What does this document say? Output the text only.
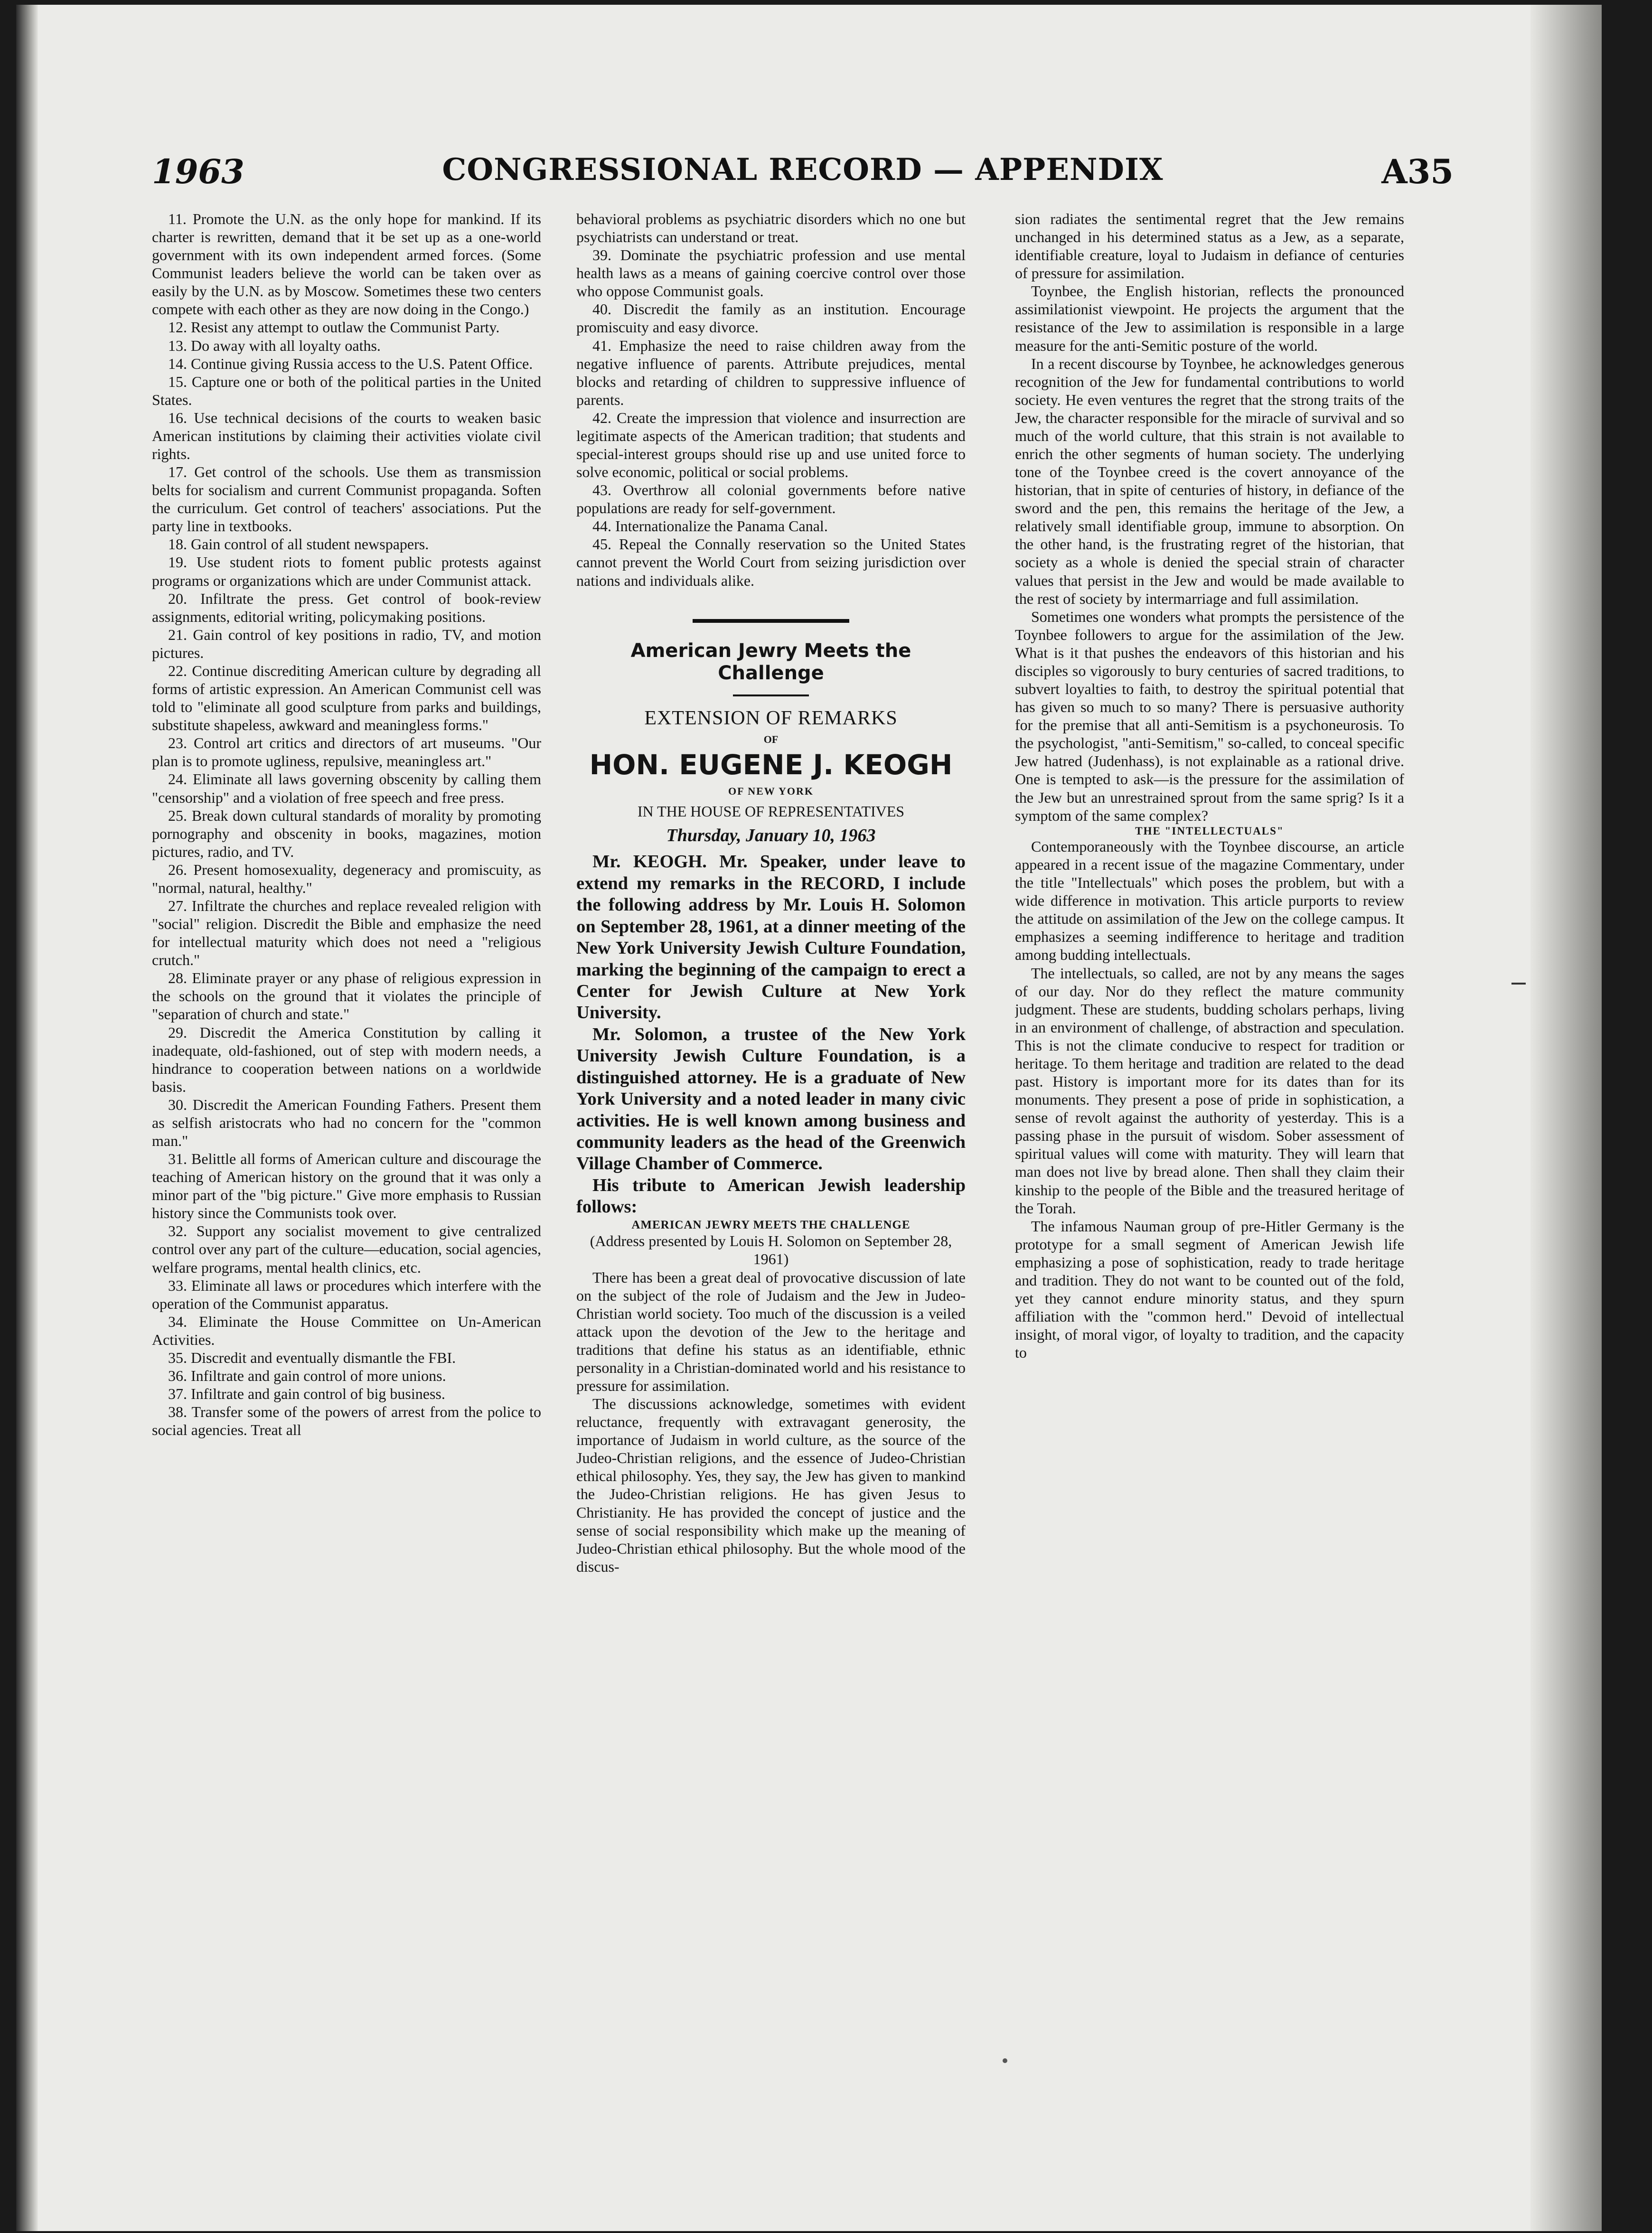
1963	CONGRESSIONAL RECORD — APPENDIX	A35

11. Promote the U.N. as the only hope for mankind. If its charter is rewritten, demand that it be set up as a one-world government with its own independent armed forces. (Some Communist leaders believe the world can be taken over as easily by the U.N. as by Moscow. Sometimes these two centers compete with each other as they are now doing in the Congo.)

12. Resist any attempt to outlaw the Communist Party.

13. Do away with all loyalty oaths.

14. Continue giving Russia access to the U.S. Patent Office.

15. Capture one or both of the political parties in the United States.

16. Use technical decisions of the courts to weaken basic American institutions by claiming their activities violate civil rights.

17. Get control of the schools. Use them as transmission belts for socialism and current Communist propaganda. Soften the curriculum. Get control of teachers' associations. Put the party line in textbooks.

18. Gain control of all student newspapers.

19. Use student riots to foment public protests against programs or organizations which are under Communist attack.

20. Infiltrate the press. Get control of book-review assignments, editorial writing, policymaking positions.

21. Gain control of key positions in radio, TV, and motion pictures.

22. Continue discrediting American culture by degrading all forms of artistic expression. An American Communist cell was told to "eliminate all good sculpture from parks and buildings, substitute shapeless, awkward and meaningless forms."

23. Control art critics and directors of art museums. "Our plan is to promote ugliness, repulsive, meaningless art."

24. Eliminate all laws governing obscenity by calling them "censorship" and a violation of free speech and free press.

25. Break down cultural standards of morality by promoting pornography and obscenity in books, magazines, motion pictures, radio, and TV.

26. Present homosexuality, degeneracy and promiscuity, as "normal, natural, healthy."

27. Infiltrate the churches and replace revealed religion with "social" religion. Discredit the Bible and emphasize the need for intellectual maturity which does not need a "religious crutch."

28. Eliminate prayer or any phase of religious expression in the schools on the ground that it violates the principle of "separation of church and state."

29. Discredit the America Constitution by calling it inadequate, old-fashioned, out of step with modern needs, a hindrance to cooperation between nations on a worldwide basis.

30. Discredit the American Founding Fathers. Present them as selfish aristocrats who had no concern for the "common man."

31. Belittle all forms of American culture and discourage the teaching of American history on the ground that it was only a minor part of the "big picture." Give more emphasis to Russian history since the Communists took over.

32. Support any socialist movement to give centralized control over any part of the culture—education, social agencies, welfare programs, mental health clinics, etc.

33. Eliminate all laws or procedures which interfere with the operation of the Communist apparatus.

34. Eliminate the House Committee on Un-American Activities.

35. Discredit and eventually dismantle the FBI.

36. Infiltrate and gain control of more unions.

37. Infiltrate and gain control of big business.

38. Transfer some of the powers of arrest from the police to social agencies. Treat all

behavioral problems as psychiatric disorders which no one but psychiatrists can understand or treat.

39. Dominate the psychiatric profession and use mental health laws as a means of gaining coercive control over those who oppose Communist goals.

40. Discredit the family as an institution. Encourage promiscuity and easy divorce.

41. Emphasize the need to raise children away from the negative influence of parents. Attribute prejudices, mental blocks and retarding of children to suppressive influence of parents.

42. Create the impression that violence and insurrection are legitimate aspects of the American tradition; that students and special-interest groups should rise up and use united force to solve economic, political or social problems.

43. Overthrow all colonial governments before native populations are ready for self-government.

44. Internationalize the Panama Canal.

45. Repeal the Connally reservation so the United States cannot prevent the World Court from seizing jurisdiction over nations and individuals alike.

American Jewry Meets the Challenge
EXTENSION OF REMARKS
OF
HON. EUGENE J. KEOGH
OF NEW YORK
IN THE HOUSE OF REPRESENTATIVES
Thursday, January 10, 1963

Mr. KEOGH. Mr. Speaker, under leave to extend my remarks in the RECORD, I include the following address by Mr. Louis H. Solomon on September 28, 1961, at a dinner meeting of the New York University Jewish Culture Foundation, marking the beginning of the campaign to erect a Center for Jewish Culture at New York University.

Mr. Solomon, a trustee of the New York University Jewish Culture Foundation, is a distinguished attorney. He is a graduate of New York University and a noted leader in many civic activities. He is well known among business and community leaders as the head of the Greenwich Village Chamber of Commerce.

His tribute to American Jewish leadership follows:

AMERICAN JEWRY MEETS THE CHALLENGE

(Address presented by Louis H. Solomon on September 28, 1961)

There has been a great deal of provocative discussion of late on the subject of the role of Judaism and the Jew in Judeo-Christian world society. Too much of the discussion is a veiled attack upon the devotion of the Jew to the heritage and traditions that define his status as an identifiable, ethnic personality in a Christian-dominated world and his resistance to pressure for assimilation.

The discussions acknowledge, sometimes with evident reluctance, frequently with extravagant generosity, the importance of Judaism in world culture, as the source of the Judeo-Christian religions, and the essence of Judeo-Christian ethical philosophy. Yes, they say, the Jew has given to mankind the Judeo-Christian religions. He has given Jesus to Christianity. He has provided the concept of justice and the sense of social responsibility which make up the meaning of Judeo-Christian ethical philosophy. But the whole mood of the discus-

sion radiates the sentimental regret that the Jew remains unchanged in his determined status as a Jew, as a separate, identifiable creature, loyal to Judaism in defiance of centuries of pressure for assimilation.

Toynbee, the English historian, reflects the pronounced assimilationist viewpoint. He projects the argument that the resistance of the Jew to assimilation is responsible in a large measure for the anti-Semitic posture of the world.

In a recent discourse by Toynbee, he acknowledges generous recognition of the Jew for fundamental contributions to world society. He even ventures the regret that the strong traits of the Jew, the character responsible for the miracle of survival and so much of the world culture, that this strain is not available to enrich the other segments of human society. The underlying tone of the Toynbee creed is the covert annoyance of the historian, that in spite of centuries of history, in defiance of the sword and the pen, this remains the heritage of the Jew, a relatively small identifiable group, immune to absorption. On the other hand, is the frustrating regret of the historian, that society as a whole is denied the special strain of character values that persist in the Jew and would be made available to the rest of society by intermarriage and full assimilation.

Sometimes one wonders what prompts the persistence of the Toynbee followers to argue for the assimilation of the Jew. What is it that pushes the endeavors of this historian and his disciples so vigorously to bury centuries of sacred traditions, to subvert loyalties to faith, to destroy the spiritual potential that has given so much to so many? There is persuasive authority for the premise that all anti-Semitism is a psychoneurosis. To the psychologist, "anti-Semitism," so-called, to conceal specific Jew hatred (Judenhass), is not explainable as a rational drive. One is tempted to ask—is the pressure for the assimilation of the Jew but an unrestrained sprout from the same sprig? Is it a symptom of the same complex?

THE "INTELLECTUALS"

Contemporaneously with the Toynbee discourse, an article appeared in a recent issue of the magazine Commentary, under the title "Intellectuals" which poses the problem, but with a wide difference in motivation. This article purports to review the attitude on assimilation of the Jew on the college campus. It emphasizes a seeming indifference to heritage and tradition among budding intellectuals.

The intellectuals, so called, are not by any means the sages of our day. Nor do they reflect the mature community judgment. These are students, budding scholars perhaps, living in an environment of challenge, of abstraction and speculation. This is not the climate conducive to respect for tradition or heritage. To them heritage and tradition are related to the dead past. History is important more for its dates than for its monuments. They present a pose of pride in sophistication, a sense of revolt against the authority of yesterday. This is a passing phase in the pursuit of wisdom. Sober assessment of spiritual values will come with maturity. They will learn that man does not live by bread alone. Then shall they claim their kinship to the people of the Bible and the treasured heritage of the Torah.

The infamous Nauman group of pre-Hitler Germany is the prototype for a small segment of American Jewish life emphasizing a pose of sophistication, ready to trade heritage and tradition. They do not want to be counted out of the fold, yet they cannot endure minority status, and they spurn affiliation with the "common herd." Devoid of intellectual insight, of moral vigor, of loyalty to tradition, and the capacity to
